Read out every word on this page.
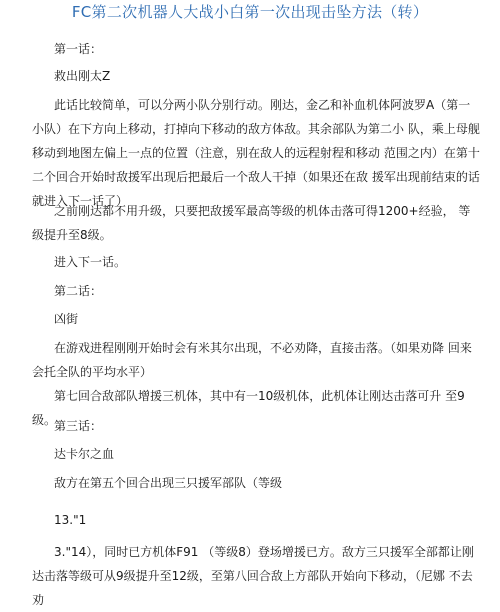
FC第二次机器人大战小白第一次出现击坠方法（转）

第一话：

救出刚太Z

此话比较简单，可以分两小队分别行动。刚达，金乙和补血机体阿波罗A（第一 小队）在下方向上移动，打掉向下移动的敌方体敌。其余部队为第二小 队，乘上母舰 移动到地图左偏上一点的位置（注意，别在敌人的远程射程和移动 范围之内）在第十 二个回合开始时敌援军出现后把最后一个敌人干掉（如果还在敌 援军出现前结束的话 就进入下一话了）

之前刚达都不用升级，只要把敌援军最高等级的机体击落可得1200+经验， 等级提升至8级。

进入下一话。

第二话：

凶街

在游戏进程刚刚开始时会有米其尔出现，不必劝降，直接击落。（如果劝降 回来会托全队的平均水平）

第七回合敌部队增援三机体，其中有一10级机体，此机体让刚达击落可升 至9 级。

第三话：

达卡尔之血

敌方在第五个回合出现三只援军部队（等级

13."1

3."14），同时已方机体F91 （等级8）登场增援已方。敌方三只援军全部都让刚达击落等级可从9级提升至12级，至第八回合敌上方部队开始向下移动，（尼娜 不去 劝
